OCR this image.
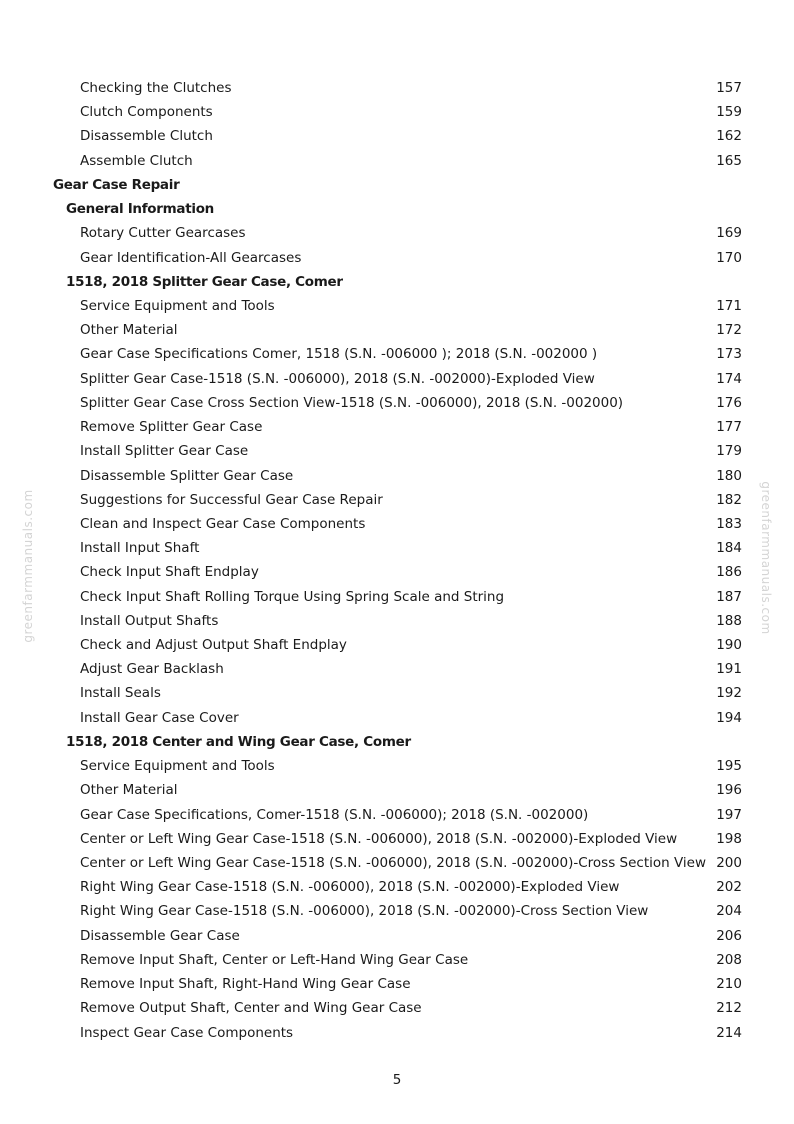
Checking the Clutches	157
Clutch Components	159
Disassemble Clutch	162
Assemble Clutch	165
Gear Case Repair
General Information
Rotary Cutter Gearcases	169
Gear Identification-All Gearcases	170
1518, 2018 Splitter Gear Case, Comer
Service Equipment and Tools	171
Other Material	172
Gear Case Specifications Comer, 1518 (S.N. -006000 ); 2018 (S.N. -002000 )	173
Splitter Gear Case-1518 (S.N. -006000), 2018 (S.N. -002000)-Exploded View	174
Splitter Gear Case Cross Section View-1518 (S.N. -006000), 2018 (S.N. -002000)	176
Remove Splitter Gear Case	177
Install Splitter Gear Case	179
Disassemble Splitter Gear Case	180
Suggestions for Successful Gear Case Repair	182
Clean and Inspect Gear Case Components	183
Install Input Shaft	184
Check Input Shaft Endplay	186
Check Input Shaft Rolling Torque Using Spring Scale and String	187
Install Output Shafts	188
Check and Adjust Output Shaft Endplay	190
Adjust Gear Backlash	191
Install Seals	192
Install Gear Case Cover	194
1518, 2018 Center and Wing Gear Case, Comer
Service Equipment and Tools	195
Other Material	196
Gear Case Specifications, Comer-1518 (S.N. -006000); 2018 (S.N. -002000)	197
Center or Left Wing Gear Case-1518 (S.N. -006000), 2018 (S.N. -002000)-Exploded View	198
Center or Left Wing Gear Case-1518 (S.N. -006000), 2018 (S.N. -002000)-Cross Section View 200
Right Wing Gear Case-1518 (S.N. -006000), 2018 (S.N. -002000)-Exploded View	202
Right Wing Gear Case-1518 (S.N. -006000), 2018 (S.N. -002000)-Cross Section View	204
Disassemble Gear Case	206
Remove Input Shaft, Center or Left-Hand Wing Gear Case	208
Remove Input Shaft, Right-Hand Wing Gear Case	210
Remove Output Shaft, Center and Wing Gear Case	212
Inspect Gear Case Components	214
greenfarmmanuals.com	greenfarmmanuals.com
5
